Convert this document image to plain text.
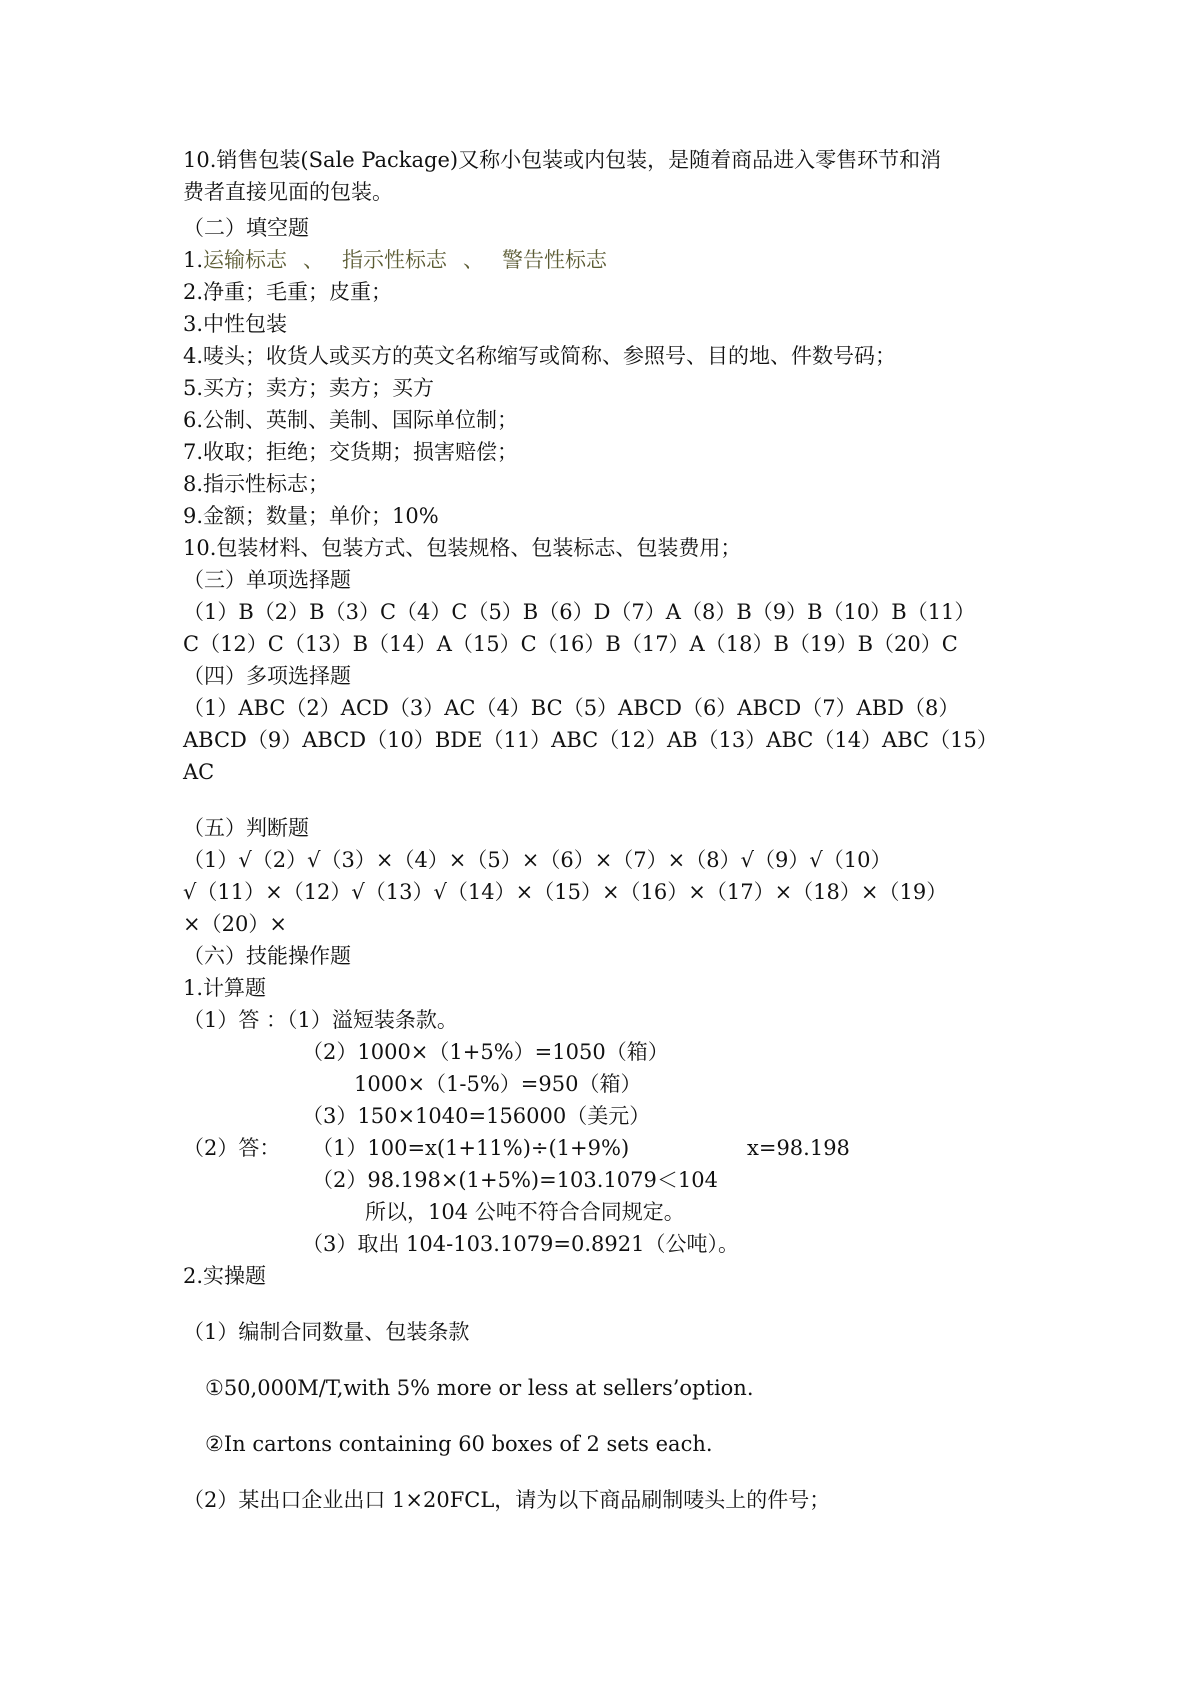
10.销售包装(Sale Package)又称小包装或内包装，是随着商品进入零售环节和消
费者直接见面的包装。
（二）填空题
1.运输标志 、 指示性标志 、 警告性标志
2.净重；毛重；皮重；
3.中性包装
4.唛头；收货人或买方的英文名称缩写或简称、参照号、目的地、件数号码；
5.买方；卖方；卖方；买方
6.公制、英制、美制、国际单位制；
7.收取；拒绝；交货期；损害赔偿；
8.指示性标志；
9.金额；数量；单价；10%
10.包装材料、包装方式、包装规格、包装标志、包装费用；
（三）单项选择题
（1）B（2）B（3）C（4）C（5）B（6）D（7）A（8）B（9）B（10）B（11）
C（12）C（13）B（14）A（15）C（16）B（17）A（18）B（19）B（20）C
（四）多项选择题
（1）ABC（2）ACD（3）AC（4）BC（5）ABCD（6）ABCD（7）ABD（8）
ABCD（9）ABCD（10）BDE（11）ABC（12）AB（13）ABC（14）ABC（15）
AC
（五）判断题
（1）√（2）√（3）×（4）×（5）×（6）×（7）×（8）√（9）√（10）
√（11）×（12）√（13）√（14）×（15）×（16）×（17）×（18）×（19）
×（20）×
（六）技能操作题
1.计算题
（1）答 ：（1）溢短装条款。
（2）1000×（1+5%）=1050（箱）
1000×（1-5%）=950（箱）
（3）150×1040=156000（美元）
（2）答： （1）100=x(1+11%)÷(1+9%)	x=98.198
（2）98.198×(1+5%)=103.1079＜104
所以，104 公吨不符合合同规定。
（3）取出 104-103.1079=0.8921（公吨）。
2.实操题
（1）编制合同数量、包装条款
①50,000M/T,with 5% more or less at sellers’option.
②In cartons containing 60 boxes of 2 sets each.
（2）某出口企业出口 1×20FCL，请为以下商品刷制唛头上的件号；
